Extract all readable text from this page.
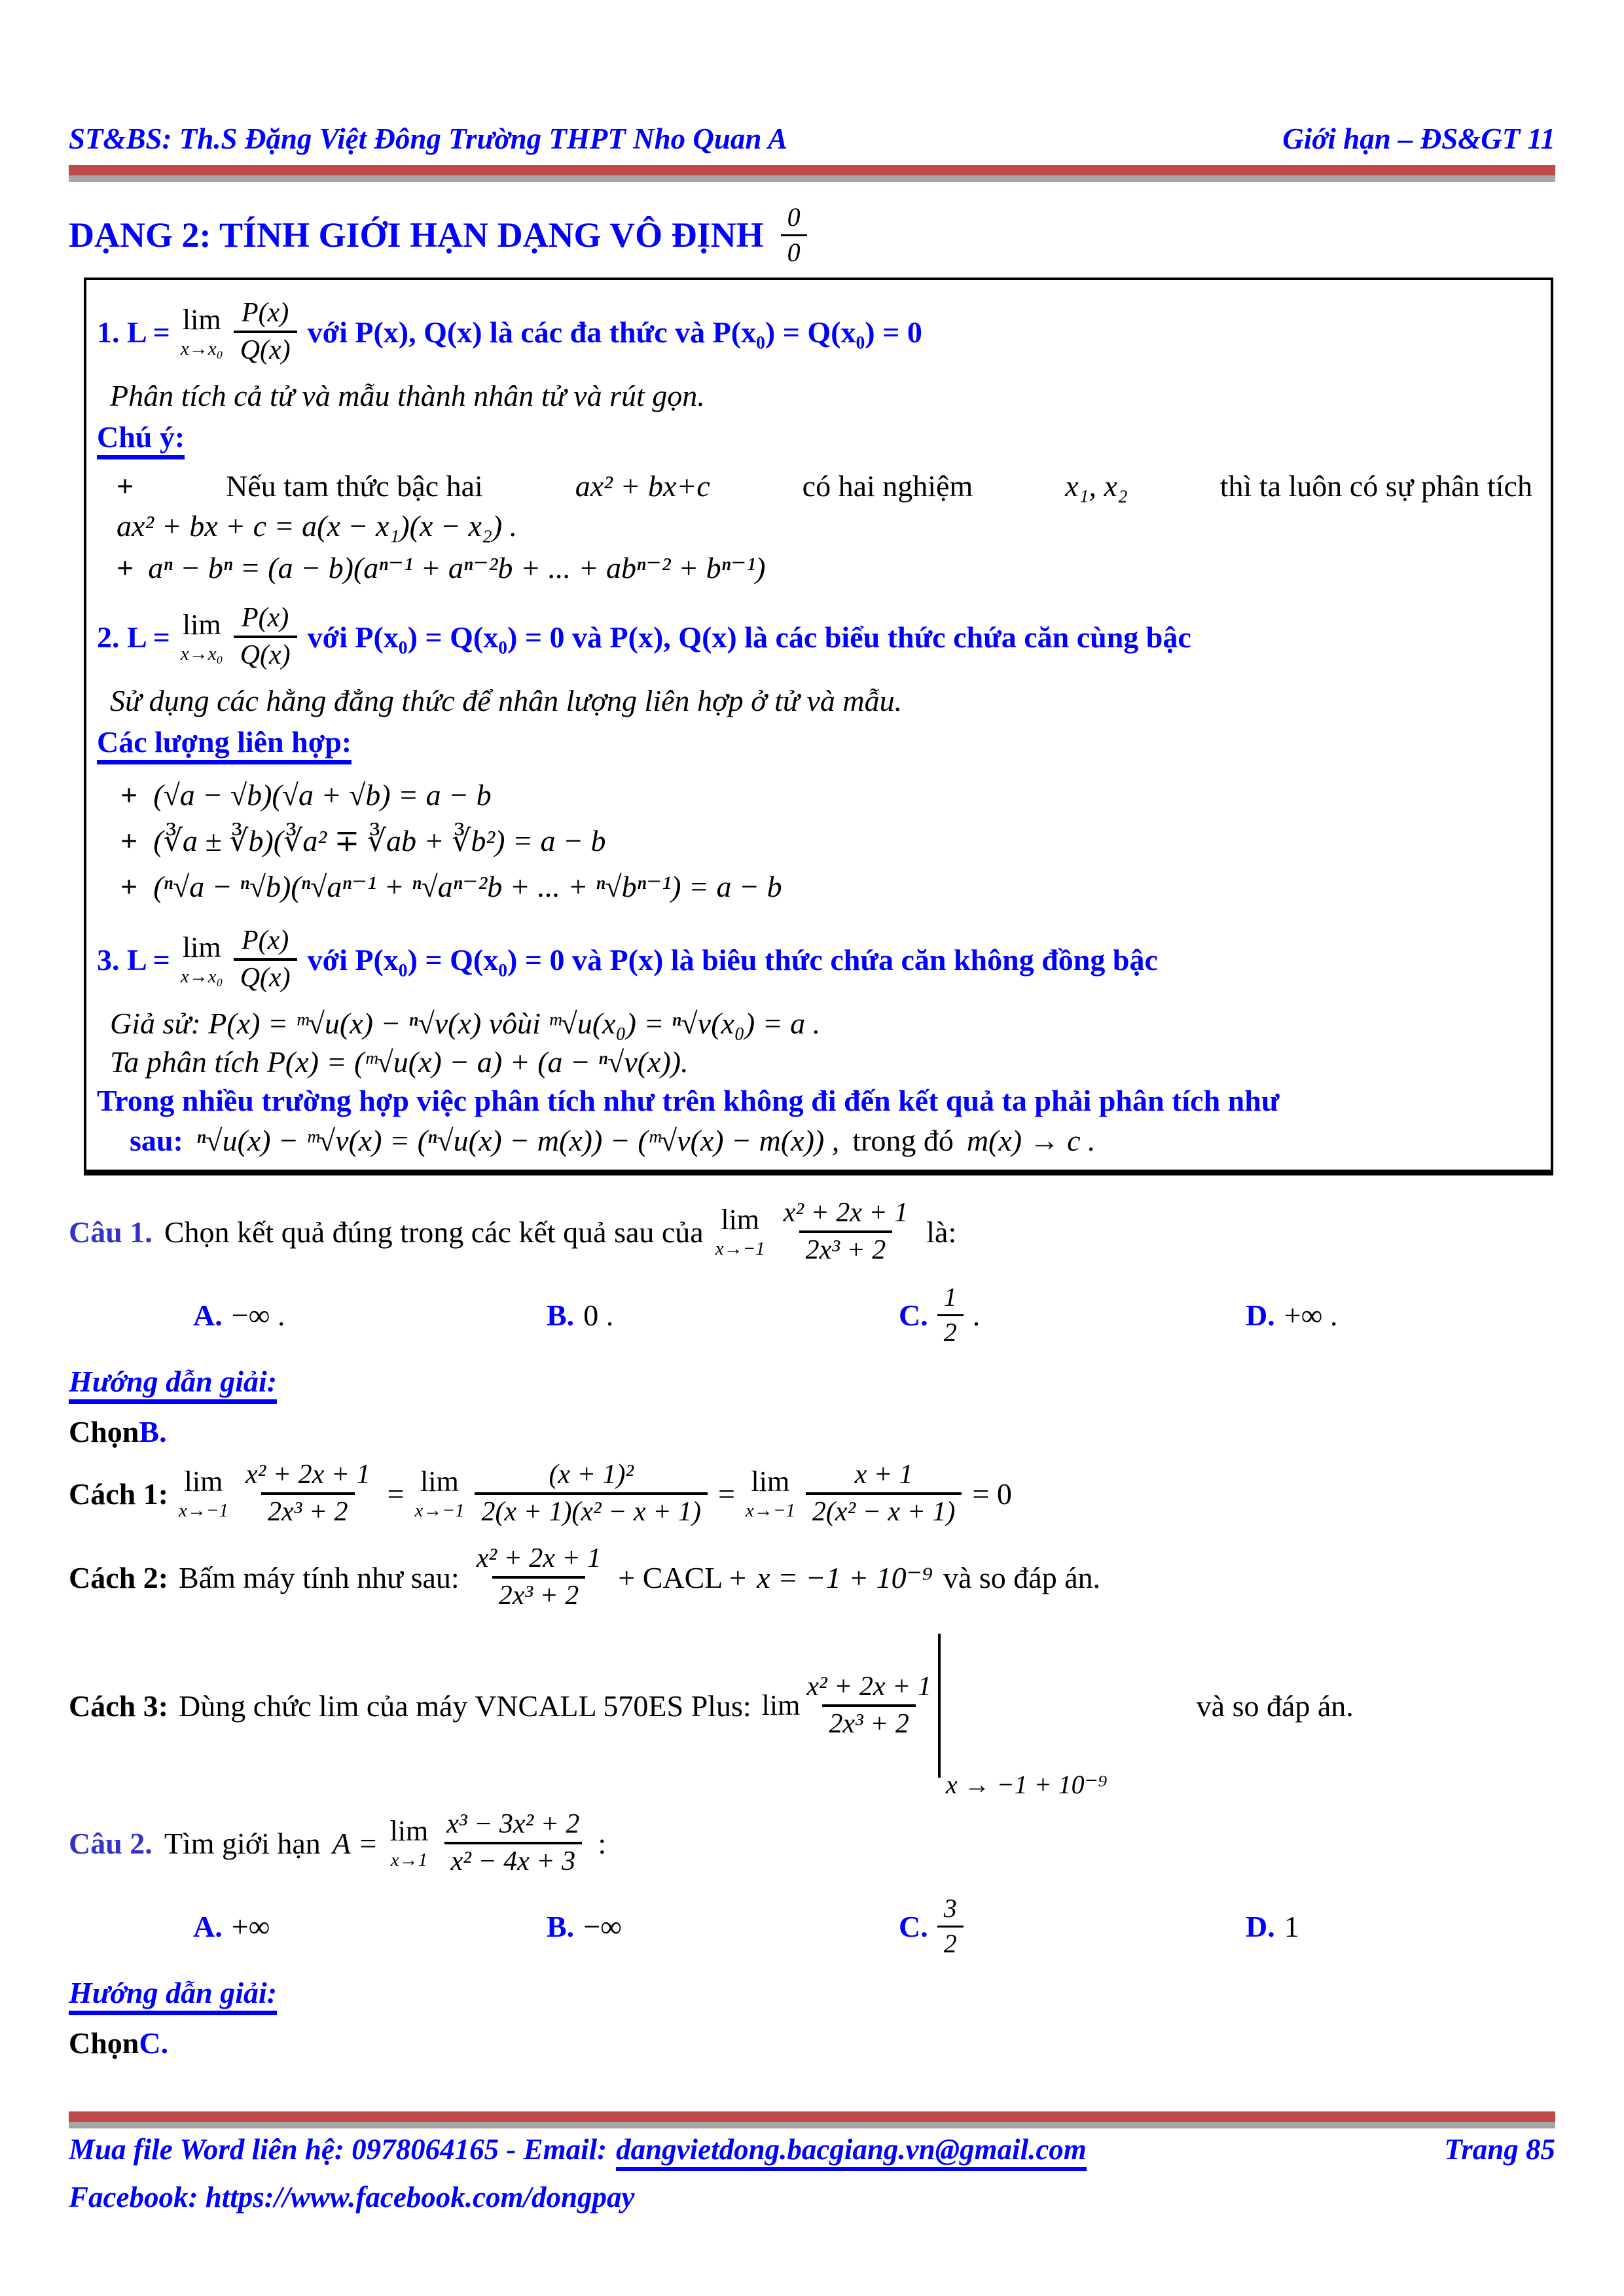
ST&BS: Th.S Đặng Việt Đông Trường THPT Nho Quan A	Giới hạn – ĐS&GT 11
DẠNG 2: TÍNH GIỚI HẠN DẠNG VÔ ĐỊNH $\frac{0}{0}$
1. L = lim
$x\to x_0 \frac{P(x)}{Q(x)}$ với P(x), Q(x) là các đa thức và P(x₀) = Q(x₀) = 0
Phân tích cả tử và mẫu thành nhân tử và rút gọn.
Chú ý:
+	Nếu tam thức bậc hai	ax² + bx+c	có hai nghiệm	x₁, x₂	thì ta luôn có sự phân tích
ax² + bx + c = a(x − x₁)(x − x₂) .
+ aⁿ − bⁿ = (a − b)(aⁿ⁻¹ + aⁿ⁻²b + ... + abⁿ⁻² + bⁿ⁻¹)
2. L = lim
$x\to x_0 \frac{P(x)}{Q(x)}$ với P(x₀) = Q(x₀) = 0 và P(x), Q(x) là các biểu thức chứa căn cùng bậc
Sử dụng các hằng đẳng thức để nhân lượng liên hợp ở tử và mẫu.
Các lượng liên hợp:
+ (√a − √b)(√a + √b) = a − b
+ (∛a ± ∛b)(∛a² ∓ ∛ab + ∛b²) = a − b
+ (ⁿ√a − ⁿ√b)(ⁿ√aⁿ⁻¹ + ⁿ√aⁿ⁻²b + ... + ⁿ√bⁿ⁻¹) = a − b
3. L = lim
$x\to x_0 \frac{P(x)}{Q(x)}$ với P(x₀) = Q(x₀) = 0 và P(x) là biêu thức chứa căn không đồng bậc
Giả sử: P(x) = ᵐ√u(x) − ⁿ√v(x) vôùi ᵐ√u(x₀) = ⁿ√v(x₀) = a .
Ta phân tích P(x) = (ᵐ√u(x) − a) + (a − ⁿ√v(x)).
Trong nhiều trường hợp việc phân tích như trên không đi đến kết quả ta phải phân tích như
sau: ⁿ√u(x) − ᵐ√v(x) = (ⁿ√u(x) − m(x)) − (ᵐ√v(x) − m(x)) , trong đó m(x) → c .
Câu 1. Chọn kết quả đúng trong các kết quả sau của lim
$x\to-1 \frac{\text{x² + 2x + 1}}{\text{2x³ + 2}}$ là:
A. −∞ .	B. 0 .	C. $\frac{1}{2}$ .	D. +∞ .
Hướng dẫn giải:
ChọnB.
Cách 1: lim
$x\to-1 \frac{\text{x² + 2x + 1}}{\text{2x³ + 2}} = \lim$
$x\to-1 \frac{\text{(x + 1)²}}{\text{2(x + 1)(x² − x + 1)}} = \lim$
$x\to-1 \frac{x + 1}{\text{2(x² − x + 1)}} = 0$
Cách 2: Bấm máy tính như sau: $\frac{\text{x² + 2x + 1}}{\text{2x³ + 2}}$ + CACL + x = −1 + 10⁻⁹ và so đáp án.
Cách 3: Dùng chức lim của máy VNCALL 570ES Plus: $\lim \frac{\text{x² + 2x + 1}}{\text{2x³ + 2}}$
x → −1 + 10⁻⁹
và so đáp án.
Câu 2. Tìm giới hạn A = lim
$x\to 1 \frac{\text{x³ − 3x² + 2}}{\text{x² − 4x + 3}}$ :
A. +∞	B. −∞	C. $\frac{3}{2}$	D. 1
Hướng dẫn giải:
ChọnC.
Mua file Word liên hệ: 0978064165 - Email: dangvietdong.bacgiang.vn@gmail.com	Trang 85
Facebook: https://www.facebook.com/dongpay
